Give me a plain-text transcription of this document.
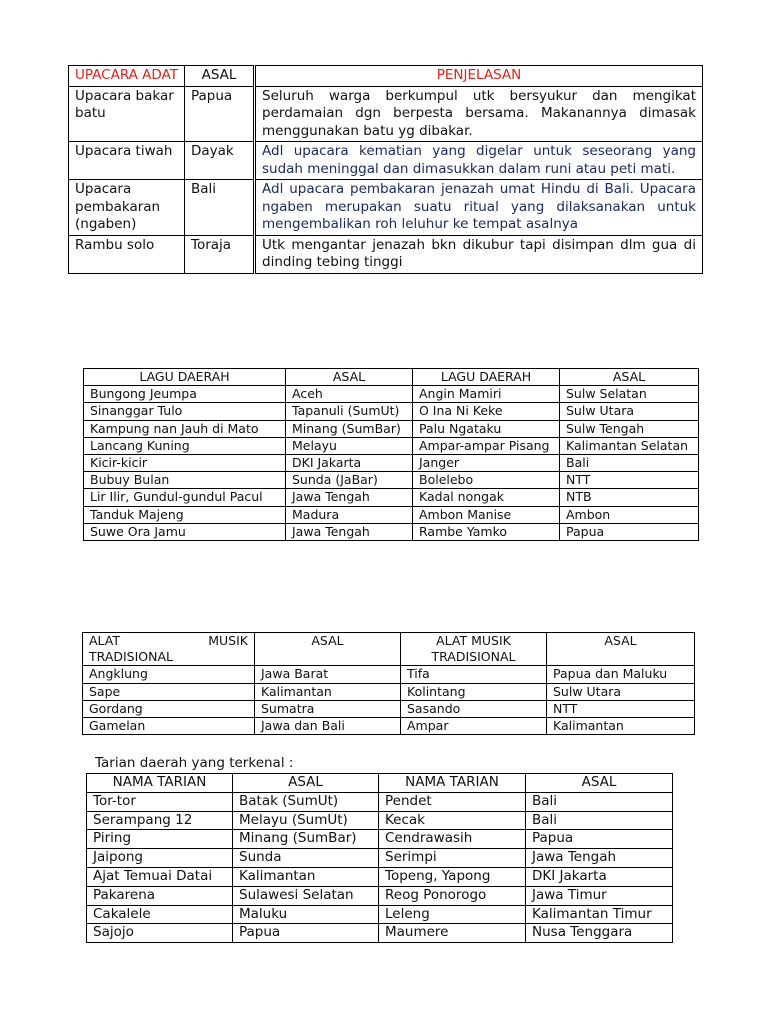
UPACARA ADAT	ASAL	PENJELASAN
Upacara bakar batu	Papua	Seluruh warga berkumpul utk bersyukur dan mengikat perdamaian dgn berpesta bersama. Makanannya dimasak menggunakan batu yg dibakar.
Upacara tiwah	Dayak	Adl upacara kematian yang digelar untuk seseorang yang sudah meninggal dan dimasukkan dalam runi atau peti mati.
Upacara pembakaran (ngaben)	Bali	Adl upacara pembakaran jenazah umat Hindu di Bali. Upacara ngaben merupakan suatu ritual yang dilaksanakan untuk mengembalikan roh leluhur ke tempat asalnya
Rambu solo	Toraja	Utk mengantar jenazah bkn dikubur tapi disimpan dlm gua di dinding tebing tinggi
LAGU DAERAH	ASAL	LAGU DAERAH	ASAL
Bungong Jeumpa	Aceh	Angin Mamiri	Sulw Selatan
Sinanggar Tulo	Tapanuli (SumUt)	O Ina Ni Keke	Sulw Utara
Kampung nan Jauh di Mato	Minang (SumBar)	Palu Ngataku	Sulw Tengah
Lancang Kuning	Melayu	Ampar-ampar Pisang	Kalimantan Selatan
Kicir-kicir	DKI Jakarta	Janger	Bali
Bubuy Bulan	Sunda (JaBar)	Bolelebo	NTT
Lir Ilir, Gundul-gundul Pacul	Jawa Tengah	Kadal nongak	NTB
Tanduk Majeng	Madura	Ambon Manise	Ambon
Suwe Ora Jamu	Jawa Tengah	Rambe Yamko	Papua
ALAT MUSIK TRADISIONAL	ASAL	ALAT MUSIK TRADISIONAL	ASAL
Angklung	Jawa Barat	Tifa	Papua dan Maluku
Sape	Kalimantan	Kolintang	Sulw Utara
Gordang	Sumatra	Sasando	NTT
Gamelan	Jawa dan Bali	Ampar	Kalimantan
Tarian daerah yang terkenal :
NAMA TARIAN	ASAL	NAMA TARIAN	ASAL
Tor-tor	Batak (SumUt)	Pendet	Bali
Serampang 12	Melayu (SumUt)	Kecak	Bali
Piring	Minang (SumBar)	Cendrawasih	Papua
Jaipong	Sunda	Serimpi	Jawa Tengah
Ajat Temuai Datai	Kalimantan	Topeng, Yapong	DKI Jakarta
Pakarena	Sulawesi Selatan	Reog Ponorogo	Jawa Timur
Cakalele	Maluku	Leleng	Kalimantan Timur
Sajojo	Papua	Maumere	Nusa Tenggara
